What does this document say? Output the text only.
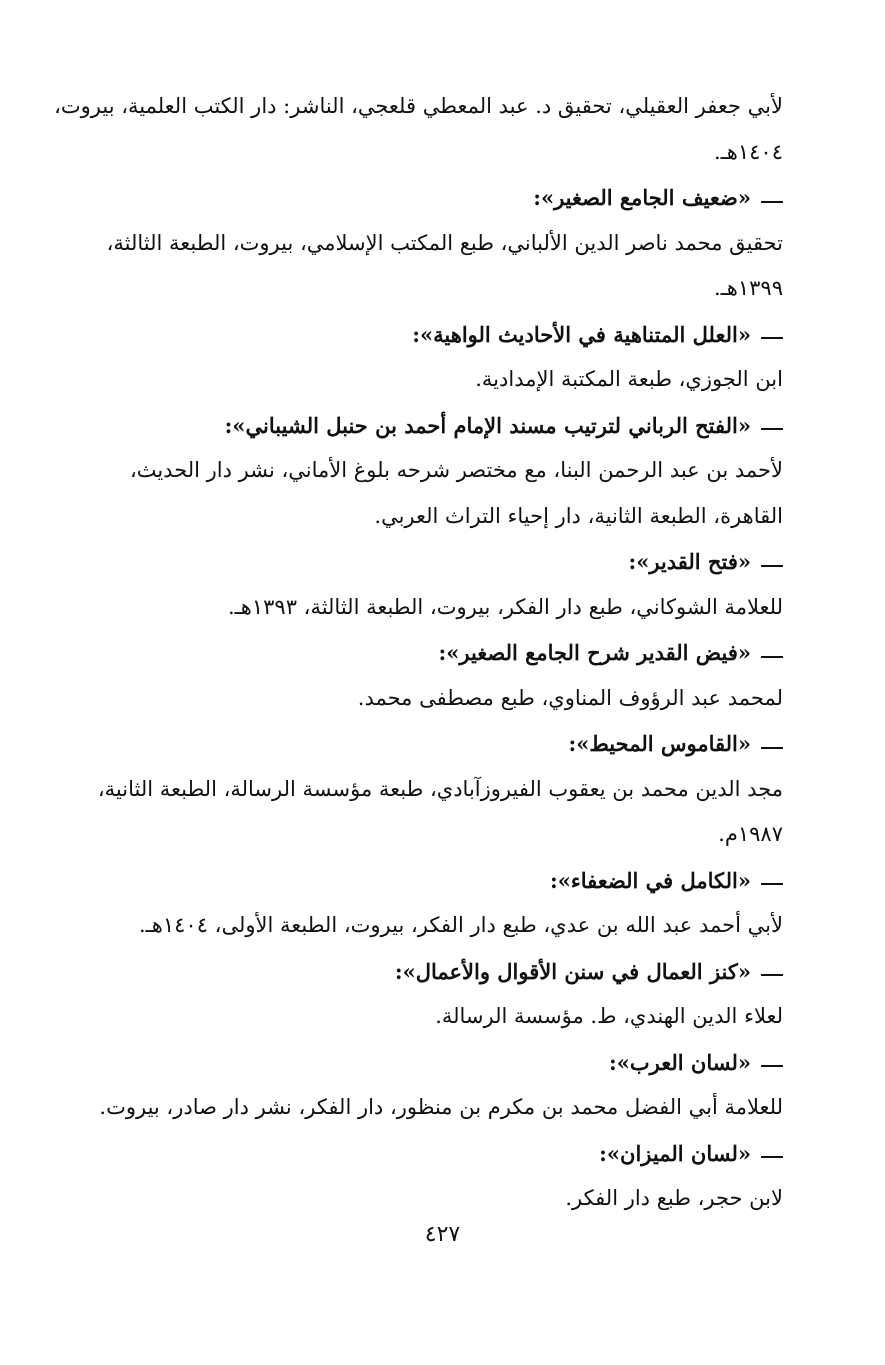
لأبي جعفر العقيلي، تحقيق د. عبد المعطي قلعجي، الناشر: دار الكتب العلمية، بيروت،
١٤٠٤هـ.
«ضعيف الجامع الصغير»:
تحقيق محمد ناصر الدين الألباني، طبع المكتب الإسلامي، بيروت، الطبعة الثالثة،
١٣٩٩هـ.
«العلل المتناهية في الأحاديث الواهية»:
ابن الجوزي، طبعة المكتبة الإمدادية.
«الفتح الرباني لترتيب مسند الإمام أحمد بن حنبل الشيباني»:
لأحمد بن عبد الرحمن البنا، مع مختصر شرحه بلوغ الأماني، نشر دار الحديث،
القاهرة، الطبعة الثانية، دار إحياء التراث العربي.
«فتح القدير»:
للعلامة الشوكاني، طبع دار الفكر، بيروت، الطبعة الثالثة، ١٣٩٣هـ.
«فيض القدير شرح الجامع الصغير»:
لمحمد عبد الرؤوف المناوي، طبع مصطفى محمد.
«القاموس المحيط»:
مجد الدين محمد بن يعقوب الفيروزآبادي، طبعة مؤسسة الرسالة، الطبعة الثانية،
١٩٨٧م.
«الكامل في الضعفاء»:
لأبي أحمد عبد الله بن عدي، طبع دار الفكر، بيروت، الطبعة الأولى، ١٤٠٤هـ.
«كنز العمال في سنن الأقوال والأعمال»:
لعلاء الدين الهندي، ط. مؤسسة الرسالة.
«لسان العرب»:
للعلامة أبي الفضل محمد بن مكرم بن منظور، دار الفكر، نشر دار صادر، بيروت.
«لسان الميزان»:
لابن حجر، طبع دار الفكر.
٤٢٧
